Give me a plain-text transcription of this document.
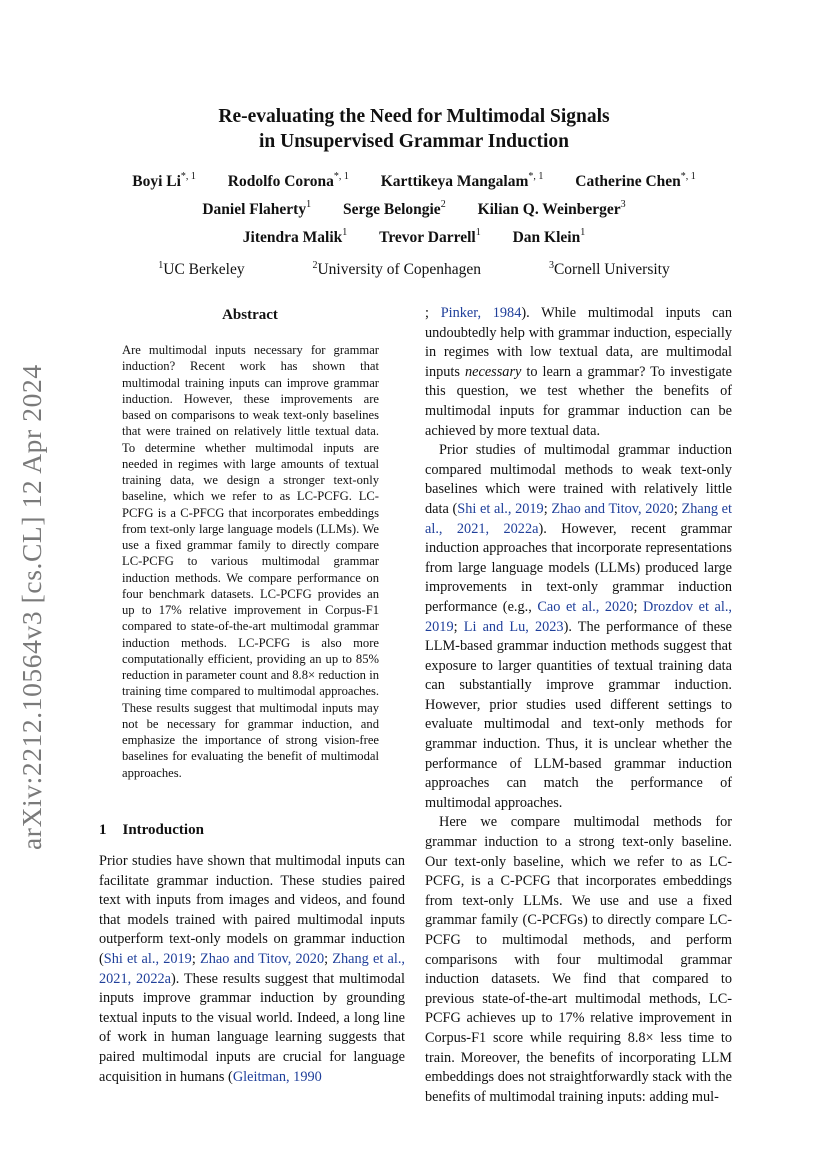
arXiv:2212.10564v3 [cs.CL] 12 Apr 2024
Re-evaluating the Need for Multimodal Signals
in Unsupervised Grammar Induction
Boyi $Li^{*, 1}$ Rodolfo Corona$^{*, 1}$ Karttikeya Mangalam$^{*, 1}$ Catherine Chen$^{*, 1}$
Daniel Flaherty$^1$ Serge Belongie$^2$ Kilian Q. Weinberger$^3$
Jitendra Malik$^1$ Trevor Darrell$^1$ Dan Klein$^1$
$^1$UC Berkeley	$^2$University of Copenhagen	$^3$Cornell University
Abstract
Are multimodal inputs necessary for grammar induction? Recent work has shown that multimodal training inputs can improve grammar induction. However, these improvements are based on comparisons to weak text-only baselines that were trained on relatively little textual data. To determine whether multimodal inputs are needed in regimes with large amounts of textual training data, we design a stronger text-only baseline, which we refer to as LC-PCFG. LC-PCFG is a C-PFCG that incorporates embeddings from text-only large language models (LLMs). We use a fixed grammar family to directly compare LC-PCFG to various multimodal grammar induction methods. We compare performance on four benchmark datasets. LC-PCFG provides an up to 17% relative improvement in Corpus-F1 compared to state-of-the-art multimodal grammar induction methods. LC-PCFG is also more computationally efficient, providing an up to 85% reduction in parameter count and 8.8× reduction in training time compared to multimodal approaches. These results suggest that multimodal inputs may not be necessary for grammar induction, and emphasize the importance of strong vision-free baselines for evaluating the benefit of multimodal approaches.
1 Introduction

Prior studies have shown that multimodal inputs can facilitate grammar induction. These studies paired text with inputs from images and videos, and found that models trained with paired multimodal inputs outperform text-only models on grammar induction (Shi et al., 2019; Zhao and Titov, 2020; Zhang et al., 2021, 2022a). These results suggest that multimodal inputs improve grammar induction by grounding textual inputs to the visual world. Indeed, a long line of work in human language learning suggests that paired multimodal inputs are crucial for language acquisition in humans (Gleitman, 1990

; Pinker, 1984). While multimodal inputs can undoubtedly help with grammar induction, especially in regimes with low textual data, are multimodal inputs necessary to learn a grammar? To investigate this question, we test whether the benefits of multimodal inputs for grammar induction can be achieved by more textual data.

Prior studies of multimodal grammar induction compared multimodal methods to weak text-only baselines which were trained with relatively little data (Shi et al., 2019; Zhao and Titov, 2020; Zhang et al., 2021, 2022a). However, recent grammar induction approaches that incorporate representations from large language models (LLMs) produced large improvements in text-only grammar induction performance (e.g., Cao et al., 2020; Drozdov et al., 2019; Li and Lu, 2023). The performance of these LLM-based grammar induction methods suggest that exposure to larger quantities of textual training data can substantially improve grammar induction. However, prior studies used different settings to evaluate multimodal and text-only methods for grammar induction. Thus, it is unclear whether the performance of LLM-based grammar induction approaches can match the performance of multimodal approaches.

Here we compare multimodal methods for grammar induction to a strong text-only baseline. Our text-only baseline, which we refer to as LC-PCFG, is a C-PCFG that incorporates embeddings from text-only LLMs. We use and use a fixed grammar family (C-PCFGs) to directly compare LC-PCFG to multimodal methods, and perform comparisons with four multimodal grammar induction datasets. We find that compared to previous state-of-the-art multimodal methods, LC-PCFG achieves up to 17% relative improvement in Corpus-F1 score while requiring 8.8× less time to train. Moreover, the benefits of incorporating LLM embeddings does not straightforwardly stack with the benefits of multimodal training inputs: adding mul-
